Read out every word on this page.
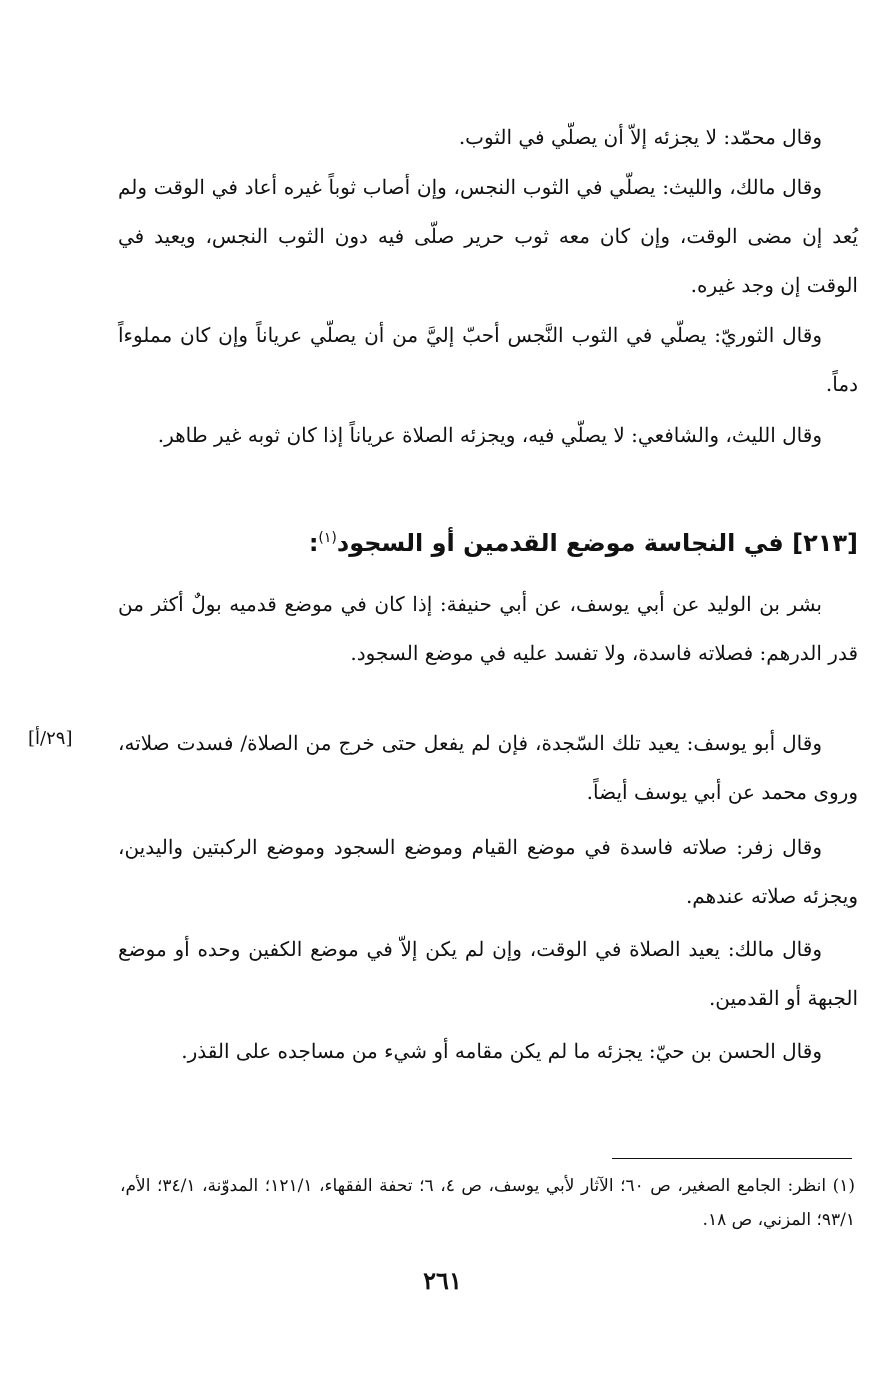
وقال محمّد: لا يجزئه إلاّ أن يصلّي في الثوب.

وقال مالك، والليث: يصلّي في الثوب النجس، وإن أصاب ثوباً غيره أعاد في الوقت ولم يُعد إن مضى الوقت، وإن كان معه ثوب حرير صلّى فيه دون الثوب النجس، ويعيد في الوقت إن وجد غيره.

وقال الثوريّ: يصلّي في الثوب النَّجس أحبّ إليَّ من أن يصلّي عرياناً وإن كان مملوءاً دماً.

وقال الليث، والشافعي: لا يصلّي فيه، ويجزئه الصلاة عرياناً إذا كان ثوبه غير طاهر.

[٢١٣] في النجاسة موضع القدمين أو السجود$^{(١)}$:

بشر بن الوليد عن أبي يوسف، عن أبي حنيفة: إذا كان في موضع قدميه بولٌ أكثر من قدر الدرهم: فصلاته فاسدة، ولا تفسد عليه في موضع السجود.

[٢٩/أ] وقال أبو يوسف: يعيد تلك السّجدة، فإن لم يفعل حتى خرج من الصلاة/ فسدت صلاته، وروى محمد عن أبي يوسف أيضاً.

وقال زفر: صلاته فاسدة في موضع القيام وموضع السجود وموضع الركبتين واليدين، ويجزئه صلاته عندهم.

وقال مالك: يعيد الصلاة في الوقت، وإن لم يكن إلاّ في موضع الكفين وحده أو موضع الجبهة أو القدمين.

وقال الحسن بن حيّ: يجزئه ما لم يكن مقامه أو شيء من مساجده على القذر.

(١) انظر: الجامع الصغير، ص ٦٠؛ الآثار لأبي يوسف، ص ٤، ٦؛ تحفة الفقهاء، ١٢١/١؛ المدوّنة، ٣٤/١؛ الأم، ٩٣/١؛ المزني، ص ١٨.

٢٦١
